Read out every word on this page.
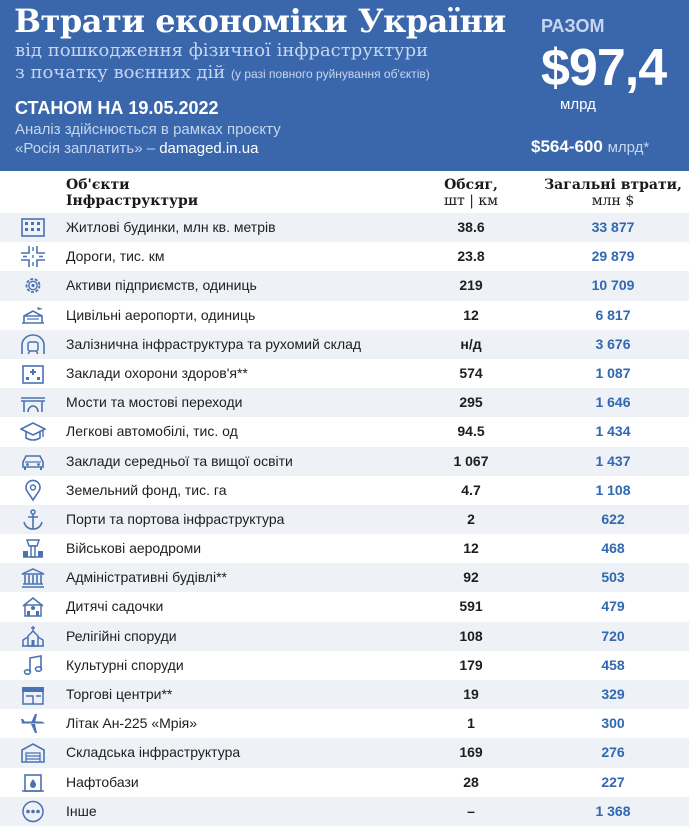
Втрати економіки України
від пошкодження фізичної інфраструктури
з початку воєнних дій (у разі повного руйнування об'єктів)
СТАНОМ НА 19.05.2022
Аналіз здійснюється в рамках проєкту
«Росія заплатить» – damaged.in.ua
РАЗОМ
$97,4
млрд
$564-600 млрд*
Об'єкти
Інфраструктури
Обсяг,
шт | км
Загальні втрати,
млн $
Житлові будинки, млн кв. метрів	38.6	33 877
Дороги, тис. км	23.8	29 879
Активи підприємств, одиниць	219	10 709
Цивільні аеропорти, одиниць	12	6 817
Залізнична інфраструктура та рухомий склад	н/д	3 676
Заклади охорони здоров'я**	574	1 087
Мости та мостові переходи	295	1 646
Легкові автомобілі, тис. од	94.5	1 434
Заклади середньої та вищої освіти	1 067	1 437
Земельний фонд, тис. га	4.7	1 108
Порти та портова інфраструктура	2	622
Військові аеродроми	12	468
Адміністративні будівлі**	92	503
Дитячі садочки	591	479
Релігійні споруди	108	720
Культурні споруди	179	458
Торгові центри**	19	329
Літак Ан-225 «Мрія»	1	300
Складська інфраструктура	169	276
Нафтобази	28	227
Інше	–	1 368
